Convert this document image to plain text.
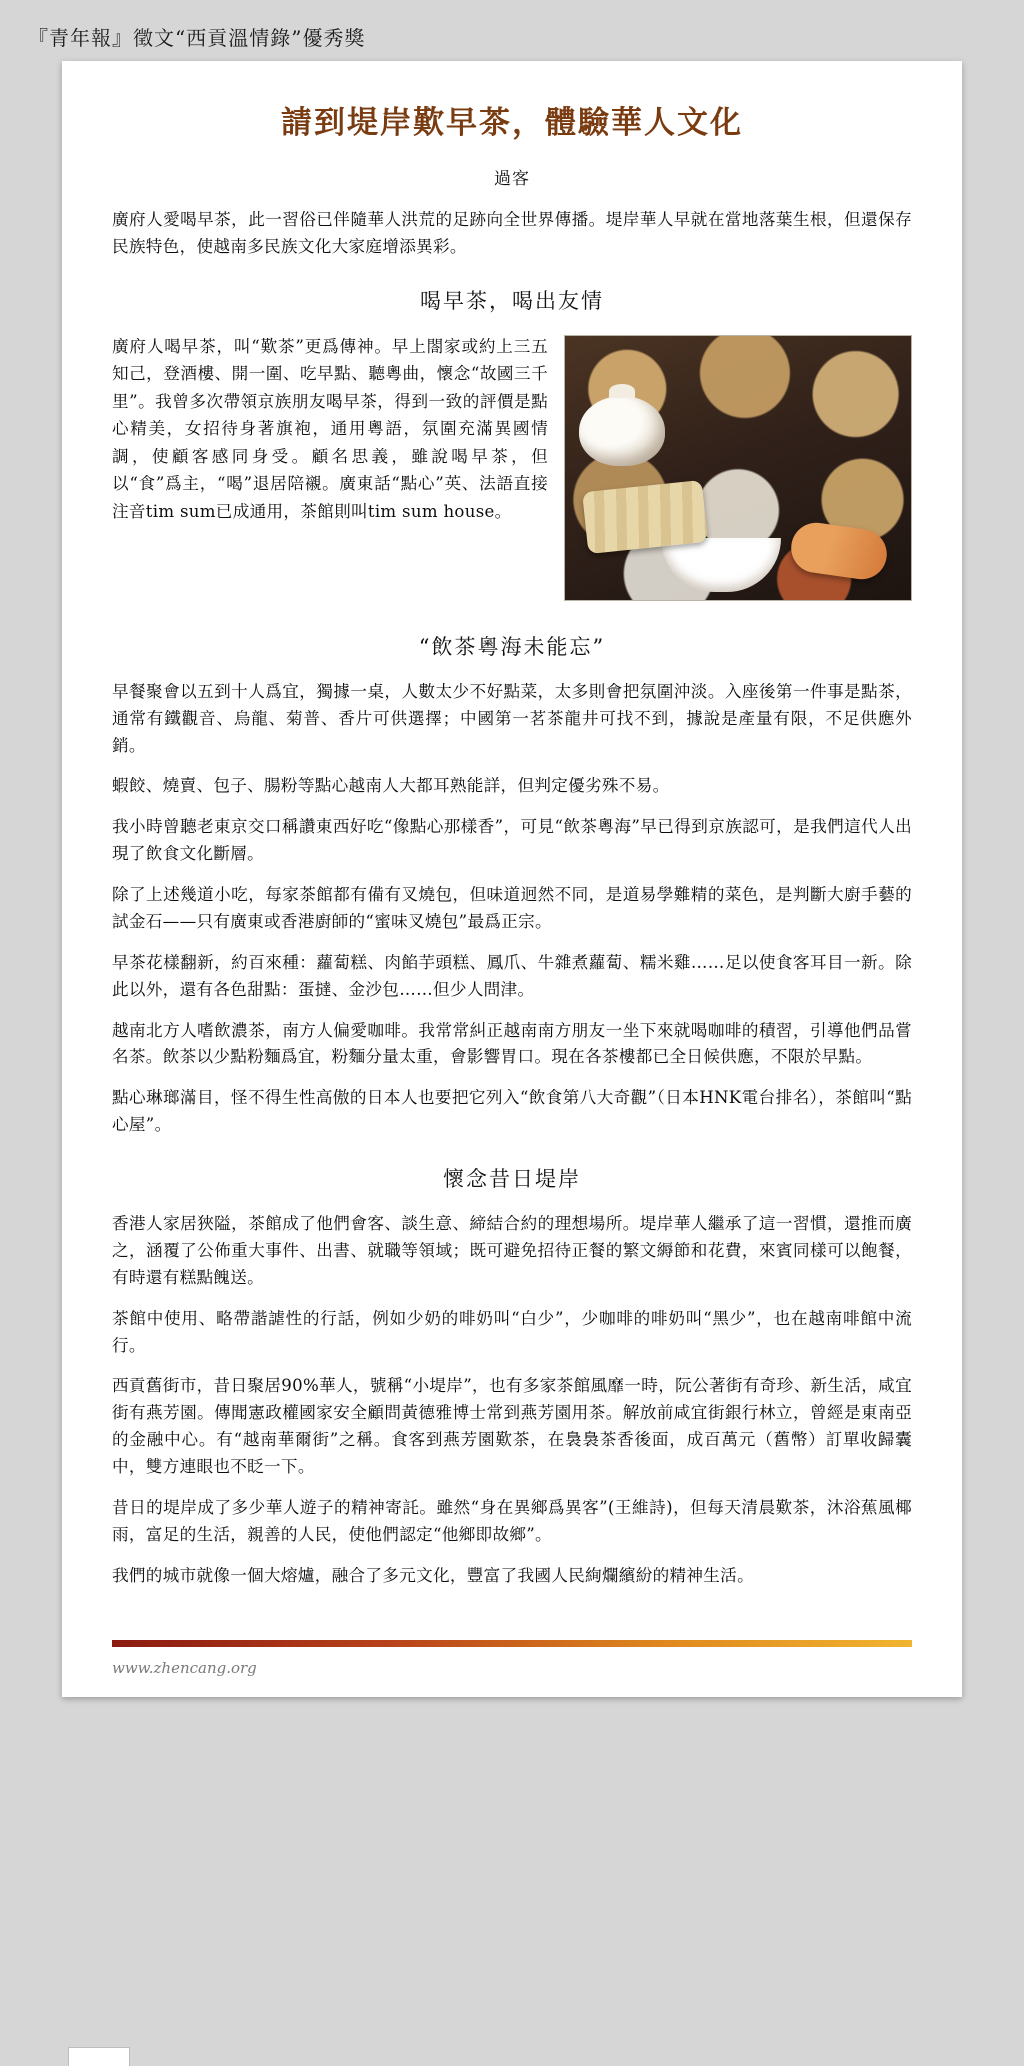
『青年報』徵文“西貢溫情錄”優秀獎
請到堤岸歎早茶，體驗華人文化
過客

廣府人愛喝早茶，此一習俗已伴隨華人洪荒的足跡向全世界傳播。堤岸華人早就在當地落葉生根，但還保存民族特色，使越南多民族文化大家庭增添異彩。

喝早茶，喝出友情

廣府人喝早茶，叫“歎茶”更爲傳神。早上閤家或約上三五知己，登酒樓、開一圍、吃早點、聽粵曲，懷念“故國三千里”。我曾多次帶領京族朋友喝早茶，得到一致的評價是點心精美，女招待身著旗袍，通用粵語，氛圍充滿異國情調，使顧客感同身受。顧名思義，雖說喝早茶，但以“食”爲主，“喝”退居陪襯。廣東話“點心”英、法語直接注音tim sum已成通用，茶館則叫tim sum house。

“飲茶粵海未能忘”

早餐聚會以五到十人爲宜，獨據一桌，人數太少不好點菜，太多則會把氛圍沖淡。入座後第一件事是點茶，通常有鐵觀音、烏龍、菊普、香片可供選擇；中國第一茗茶龍井可找不到，據說是產量有限，不足供應外銷。

蝦餃、燒賣、包子、腸粉等點心越南人大都耳熟能詳，但判定優劣殊不易。

我小時曾聽老東京交口稱讚東西好吃“像點心那樣香”，可見“飲茶粵海”早已得到京族認可，是我們這代人出現了飲食文化斷層。

除了上述幾道小吃，每家茶館都有備有叉燒包，但味道迥然不同，是道易學難精的菜色，是判斷大廚手藝的試金石——只有廣東或香港廚師的“蜜味叉燒包”最爲正宗。

早茶花樣翻新，約百來種：蘿蔔糕、肉餡芋頭糕、鳳爪、牛雜煮蘿蔔、糯米雞……足以使食客耳目一新。除此以外，還有各色甜點：蛋撻、金沙包……但少人問津。

越南北方人嗜飲濃茶，南方人偏愛咖啡。我常常糾正越南南方朋友一坐下來就喝咖啡的積習，引導他們品嘗名茶。飲茶以少點粉麵爲宜，粉麵分量太重，會影響胃口。現在各茶樓都已全日候供應，不限於早點。

點心琳瑯滿目，怪不得生性高傲的日本人也要把它列入“飲食第八大奇觀”（日本HNK電台排名），茶館叫“點心屋”。

懷念昔日堤岸

香港人家居狹隘，茶館成了他們會客、談生意、締結合約的理想場所。堤岸華人繼承了這一習慣，還推而廣之，涵覆了公佈重大事件、出書、就職等領域；既可避免招待正餐的繁文縟節和花費，來賓同樣可以飽餐，有時還有糕點餽送。

茶館中使用、略帶諧謔性的行話，例如少奶的啡奶叫“白少”，少咖啡的啡奶叫“黑少”，也在越南啡館中流行。

西貢舊街市，昔日聚居90%華人，號稱“小堤岸”，也有多家茶館風靡一時，阮公著街有奇珍、新生活，咸宜街有燕芳園。傳聞憲政權國家安全顧問黃德雅博士常到燕芳園用茶。解放前咸宜街銀行林立，曾經是東南亞的金融中心。有“越南華爾街”之稱。食客到燕芳園歎茶，在裊裊茶香後面，成百萬元（舊幣）訂單收歸囊中，雙方連眼也不眨一下。

昔日的堤岸成了多少華人遊子的精神寄託。雖然“身在異鄉爲異客”(王維詩)，但每天清晨歎茶，沐浴蕉風椰雨，富足的生活，親善的人民，使他們認定“他鄉即故鄉”。

我們的城市就像一個大熔爐，融合了多元文化，豐富了我國人民絢爛繽紛的精神生活。

www.zhencang.org
